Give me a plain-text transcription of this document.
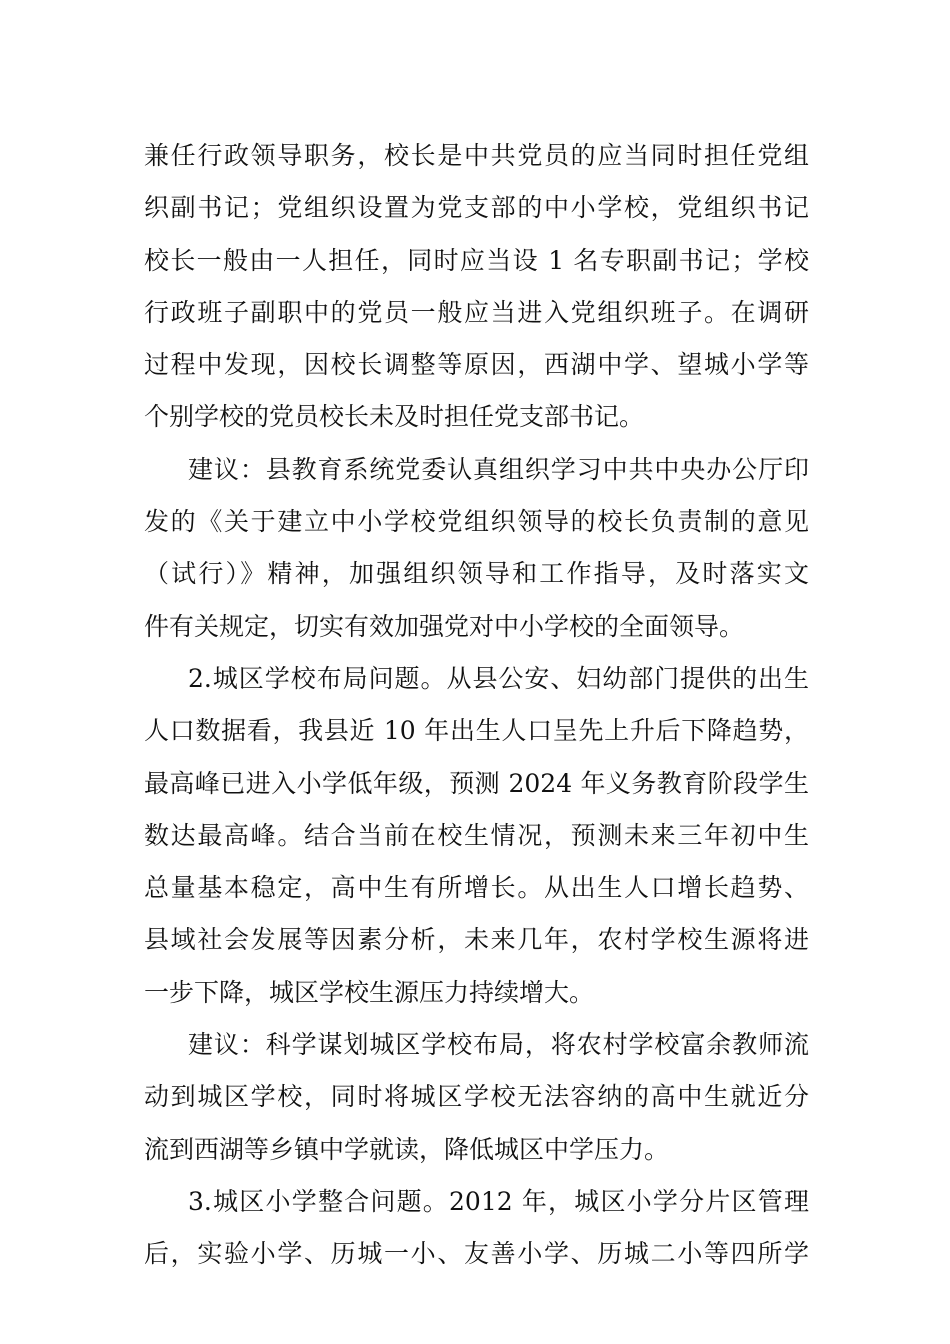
兼任行政领导职务，校长是中共党员的应当同时担任党组
织副书记；党组织设置为党支部的中小学校，党组织书记
校长一般由一人担任，同时应当设 1 名专职副书记；学校
行政班子副职中的党员一般应当进入党组织班子。在调研
过程中发现，因校长调整等原因，西湖中学、望城小学等
个别学校的党员校长未及时担任党支部书记。
建议：县教育系统党委认真组织学习中共中央办公厅印
发的《关于建立中小学校党组织领导的校长负责制的意见
（试行）》精神，加强组织领导和工作指导，及时落实文
件有关规定，切实有效加强党对中小学校的全面领导。
2.城区学校布局问题。从县公安、妇幼部门提供的出生
人口数据看，我县近 10 年出生人口呈先上升后下降趋势，
最高峰已进入小学低年级，预测 2024 年义务教育阶段学生
数达最高峰。结合当前在校生情况，预测未来三年初中生
总量基本稳定，高中生有所增长。从出生人口增长趋势、
县域社会发展等因素分析，未来几年，农村学校生源将进
一步下降，城区学校生源压力持续增大。
建议：科学谋划城区学校布局，将农村学校富余教师流
动到城区学校，同时将城区学校无法容纳的高中生就近分
流到西湖等乡镇中学就读，降低城区中学压力。
3.城区小学整合问题。2012 年，城区小学分片区管理
后，实验小学、历城一小、友善小学、历城二小等四所学
